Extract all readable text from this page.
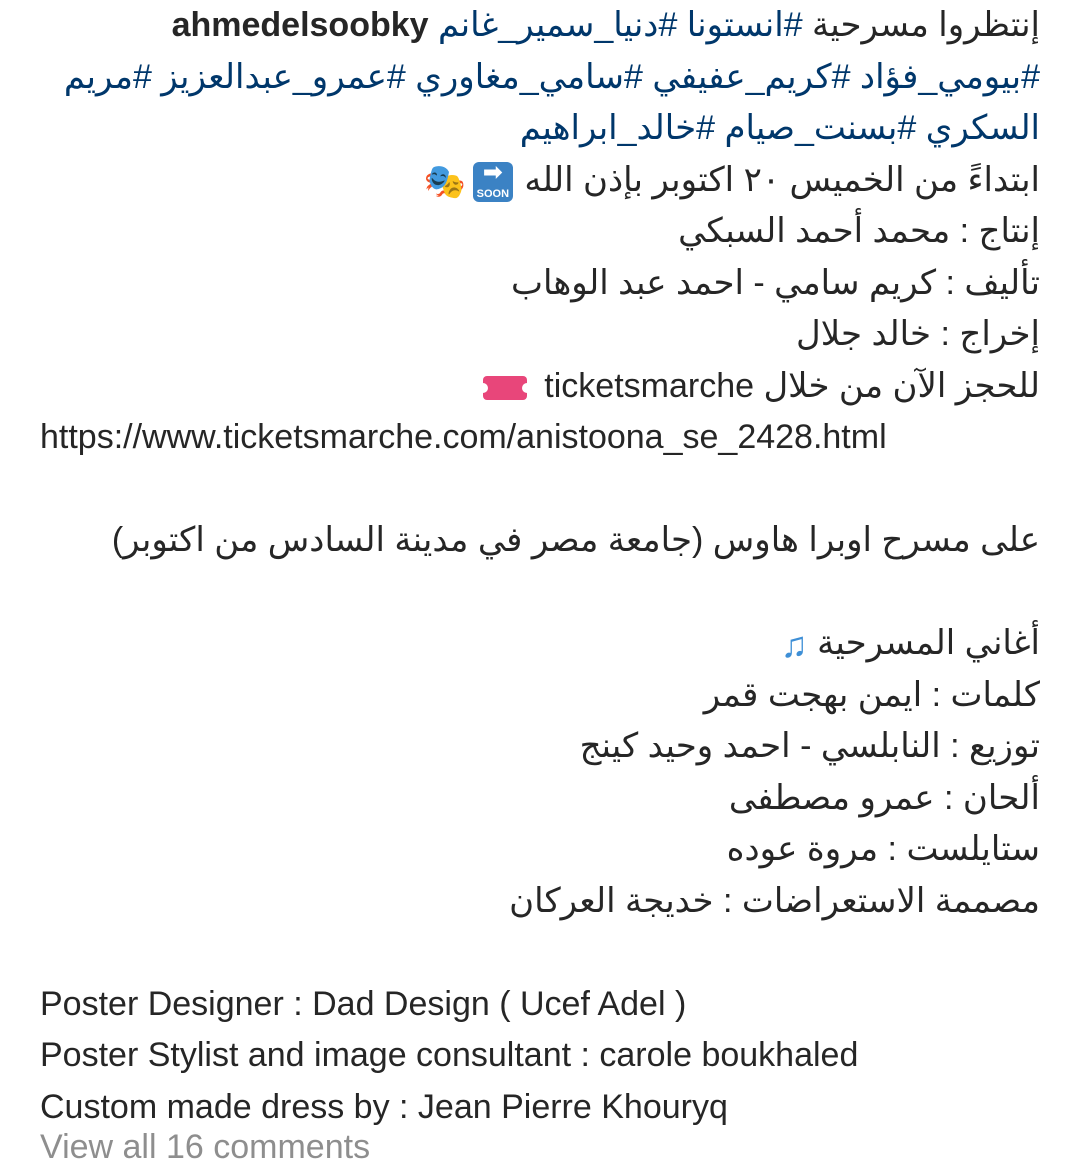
إنتظروا مسرحية #انستونا #دنيا_سمير_غانم ahmedelsoobky
#بيومي_فؤاد #كريم_عفيفي #سامي_مغاوري #عمرو_عبدالعزيز #مريم
السكري #بسنت_صيام #خالد_ابراهيم
ابتداءً من الخميس ٢٠ اكتوبر بإذن الله
➡
SOON
🎭
إنتاج : محمد أحمد السبكي
تأليف : كريم سامي - احمد عبد الوهاب
إخراج : خالد جلال
للحجز الآن من خلال ticketsmarche
https://www.ticketsmarche.com/anistoona_se_2428.html
على مسرح اوبرا هاوس (جامعة مصر في مدينة السادس من اكتوبر)
أغاني المسرحية ♫
كلمات : ايمن بهجت قمر
توزيع : النابلسي - احمد وحيد كينج
ألحان : عمرو مصطفى
ستايلست : مروة عوده
مصممة الاستعراضات : خديجة العركان
Poster Designer : Dad Design ( Ucef Adel )
Poster Stylist and image consultant : carole boukhaled
Custom made dress by : Jean Pierre Khouryq
View all 16 comments
